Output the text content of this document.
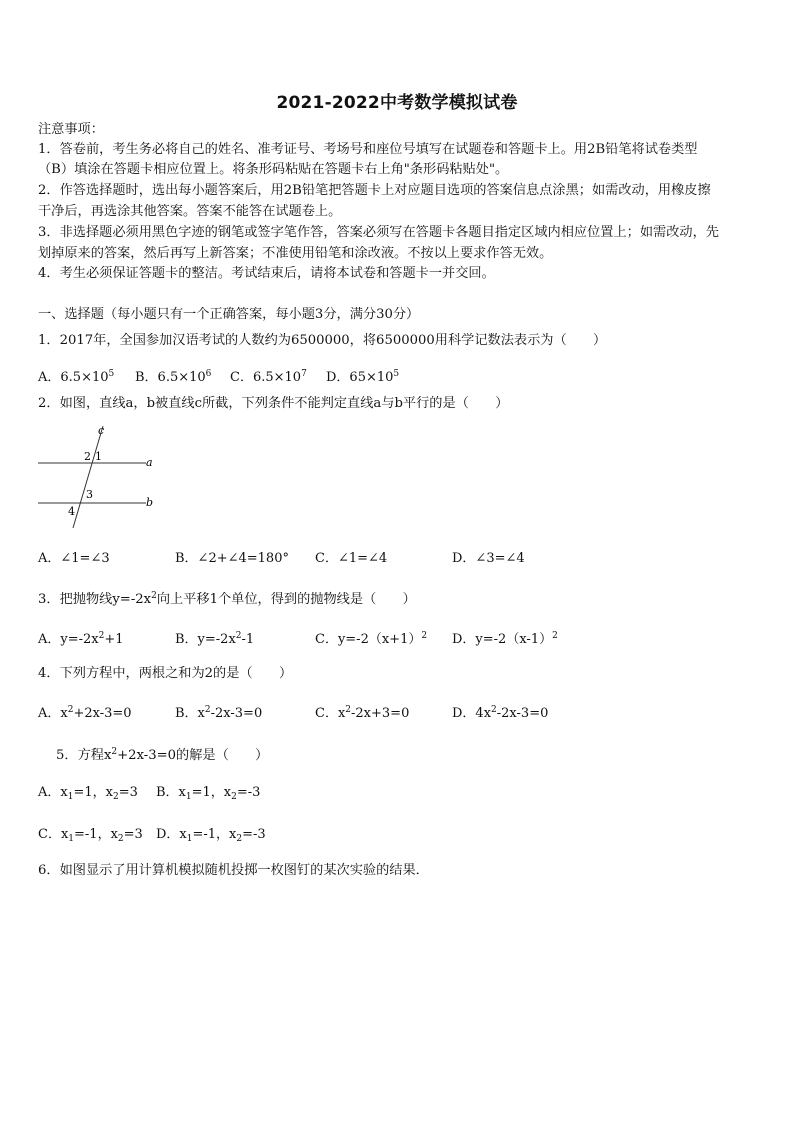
2021-2022中考数学模拟试卷
注意事项：
1．答卷前，考生务必将自己的姓名、准考证号、考场号和座位号填写在试题卷和答题卡上。用2B铅笔将试卷类型
（B）填涂在答题卡相应位置上。将条形码粘贴在答题卡右上角"条形码粘贴处"。
2．作答选择题时，选出每小题答案后，用2B铅笔把答题卡上对应题目选项的答案信息点涂黑；如需改动，用橡皮擦
干净后，再选涂其他答案。答案不能答在试题卷上。
3．非选择题必须用黑色字迹的钢笔或签字笔作答，答案必须写在答题卡各题目指定区域内相应位置上；如需改动，先
划掉原来的答案，然后再写上新答案；不准使用铅笔和涂改液。不按以上要求作答无效。
4．考生必须保证答题卡的整洁。考试结束后，请将本试卷和答题卡一并交回。
一、选择题（每小题只有一个正确答案，每小题3分，满分30分）
1．2017年，全国参加汉语考试的人数约为6500000，将6500000用科学记数法表示为（　　）
A．$6.5\times 10^5$ B．$6.5\times 10^6$ C．$6.5\times 10^7$ D．$65\times 10^5$
2．如图，直线a，b被直线c所截，下列条件不能判定直线a与b平行的是（　　）
c
a
b
2 1
3
4
A．∠1=∠3	B．∠2+∠4=180° C．∠1=∠4	D．∠3=∠4
3．把抛物线$y=-2x^2$向上平移1个单位，得到的抛物线是（　　）
A．$y=-2x^2+1$	B．$y=-2x^2-1$	C．$y=-2(x+1)^2$ D．$y=-2(x-1)^2$
4．下列方程中，两根之和为2的是（　　）
A．$x^2+2x-3=0$	B．$x^2-2x-3=0$	C．$x^2-2x+3=0$	D．$4x^2-2x-3=0$
5．方程$x^2+2x-3=0$的解是（　　）
A．$x_1=1$，$x_2=3$ B．$x_1=1$，$x_2=-3$
C．$x_1=-1$，$x_2=3$ D．$x_1=-1$，$x_2=-3$
6．如图显示了用计算机模拟随机投掷一枚图钉的某次实验的结果．
